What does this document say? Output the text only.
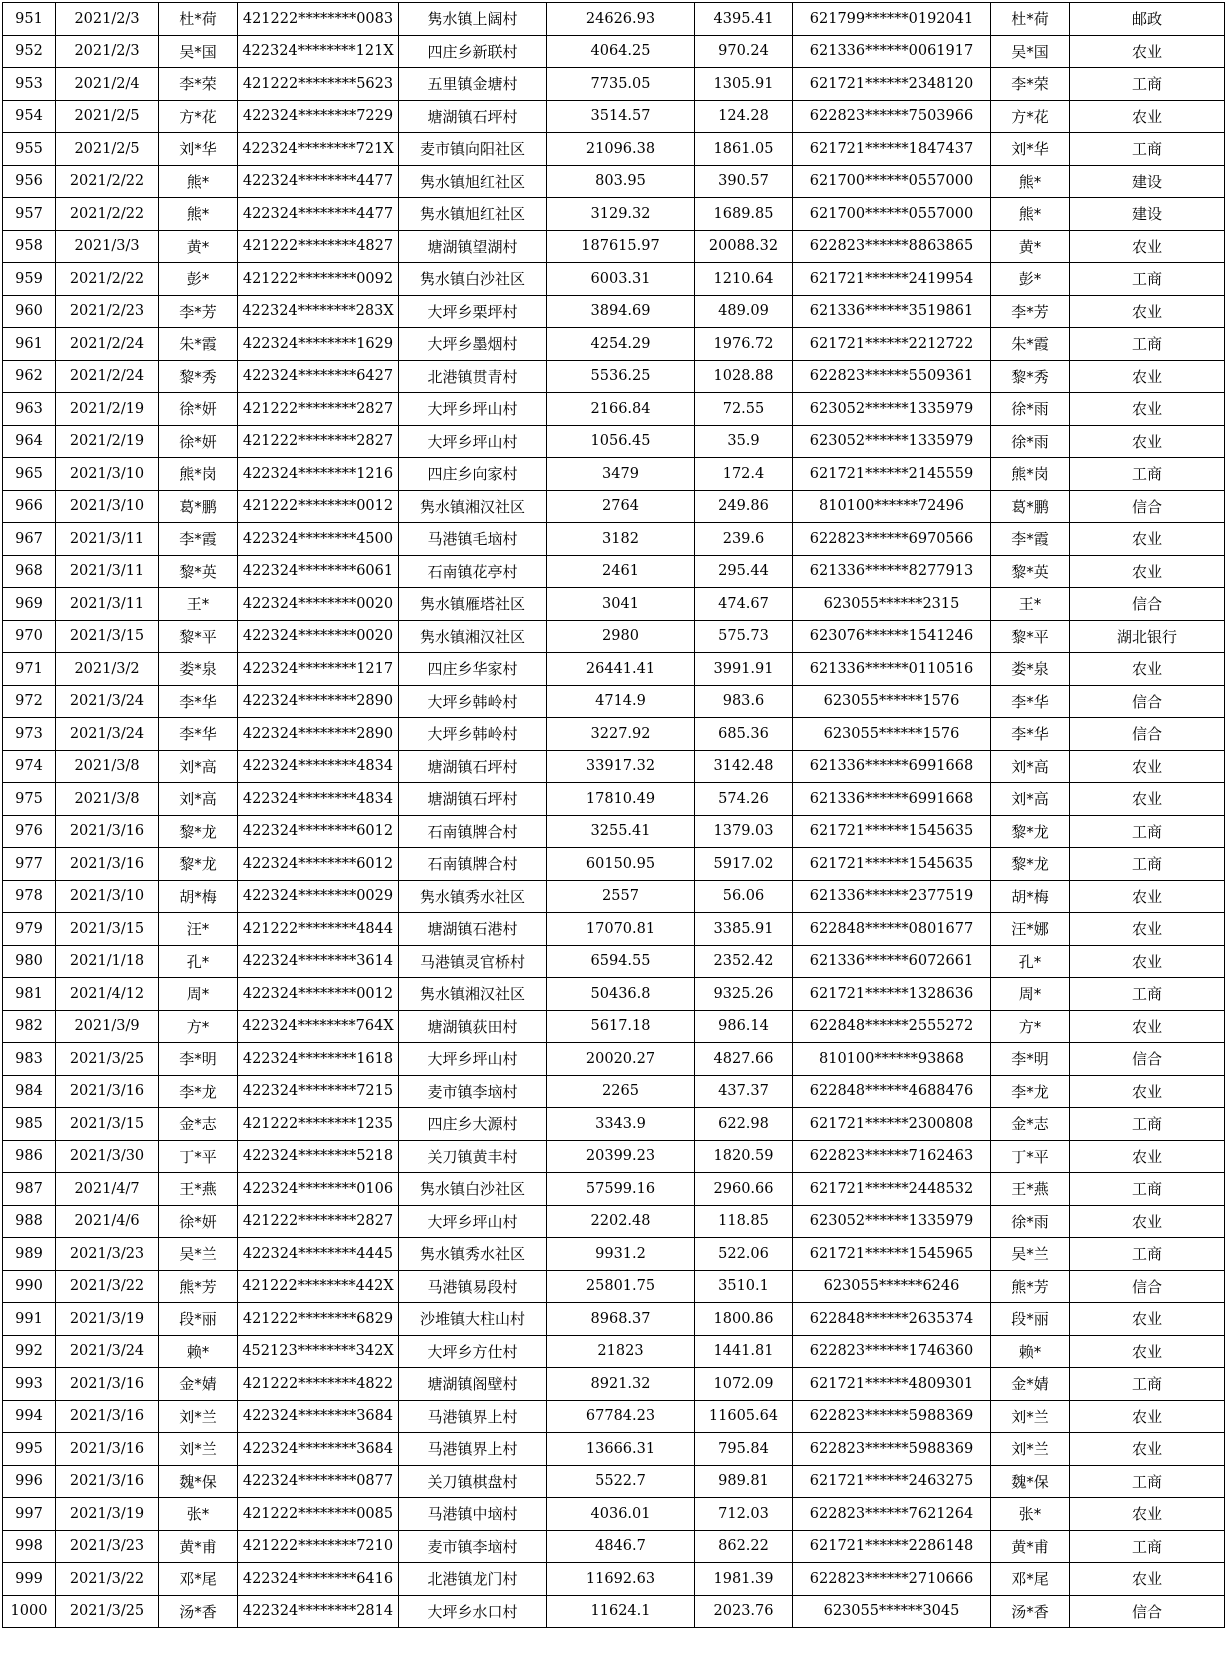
951	2021/2/3	杜*荷	421222********0083	隽水镇上阔村	24626.93	4395.41	621799******0192041	杜*荷	邮政
952	2021/2/3	吴*国	422324********121X	四庄乡新联村	4064.25	970.24	621336******0061917	吴*国	农业
953	2021/2/4	李*荣	421222********5623	五里镇金塘村	7735.05	1305.91	621721******2348120	李*荣	工商
954	2021/2/5	方*花	422324********7229	塘湖镇石坪村	3514.57	124.28	622823******7503966	方*花	农业
955	2021/2/5	刘*华	422324********721X	麦市镇向阳社区	21096.38	1861.05	621721******1847437	刘*华	工商
956	2021/2/22	熊*	422324********4477	隽水镇旭红社区	803.95	390.57	621700******0557000	熊*	建设
957	2021/2/22	熊*	422324********4477	隽水镇旭红社区	3129.32	1689.85	621700******0557000	熊*	建设
958	2021/3/3	黄*	421222********4827	塘湖镇望湖村	187615.97	20088.32	622823******8863865	黄*	农业
959	2021/2/22	彭*	421222********0092	隽水镇白沙社区	6003.31	1210.64	621721******2419954	彭*	工商
960	2021/2/23	李*芳	422324********283X	大坪乡栗坪村	3894.69	489.09	621336******3519861	李*芳	农业
961	2021/2/24	朱*霞	422324********1629	大坪乡墨烟村	4254.29	1976.72	621721******2212722	朱*霞	工商
962	2021/2/24	黎*秀	422324********6427	北港镇贯青村	5536.25	1028.88	622823******5509361	黎*秀	农业
963	2021/2/19	徐*妍	421222********2827	大坪乡坪山村	2166.84	72.55	623052******1335979	徐*雨	农业
964	2021/2/19	徐*妍	421222********2827	大坪乡坪山村	1056.45	35.9	623052******1335979	徐*雨	农业
965	2021/3/10	熊*岗	422324********1216	四庄乡向家村	3479	172.4	621721******2145559	熊*岗	工商
966	2021/3/10	葛*鹏	421222********0012	隽水镇湘汉社区	2764	249.86	810100******72496	葛*鹏	信合
967	2021/3/11	李*霞	422324********4500	马港镇毛垴村	3182	239.6	622823******6970566	李*霞	农业
968	2021/3/11	黎*英	422324********6061	石南镇花亭村	2461	295.44	621336******8277913	黎*英	农业
969	2021/3/11	王*	422324********0020	隽水镇雁塔社区	3041	474.67	623055******2315	王*	信合
970	2021/3/15	黎*平	422324********0020	隽水镇湘汉社区	2980	575.73	623076******1541246	黎*平	湖北银行
971	2021/3/2	娄*泉	422324********1217	四庄乡华家村	26441.41	3991.91	621336******0110516	娄*泉	农业
972	2021/3/24	李*华	422324********2890	大坪乡韩岭村	4714.9	983.6	623055******1576	李*华	信合
973	2021/3/24	李*华	422324********2890	大坪乡韩岭村	3227.92	685.36	623055******1576	李*华	信合
974	2021/3/8	刘*高	422324********4834	塘湖镇石坪村	33917.32	3142.48	621336******6991668	刘*高	农业
975	2021/3/8	刘*高	422324********4834	塘湖镇石坪村	17810.49	574.26	621336******6991668	刘*高	农业
976	2021/3/16	黎*龙	422324********6012	石南镇牌合村	3255.41	1379.03	621721******1545635	黎*龙	工商
977	2021/3/16	黎*龙	422324********6012	石南镇牌合村	60150.95	5917.02	621721******1545635	黎*龙	工商
978	2021/3/10	胡*梅	422324********0029	隽水镇秀水社区	2557	56.06	621336******2377519	胡*梅	农业
979	2021/3/15	汪*	421222********4844	塘湖镇石港村	17070.81	3385.91	622848******0801677	汪*娜	农业
980	2021/1/18	孔*	422324********3614	马港镇灵官桥村	6594.55	2352.42	621336******6072661	孔*	农业
981	2021/4/12	周*	422324********0012	隽水镇湘汉社区	50436.8	9325.26	621721******1328636	周*	工商
982	2021/3/9	方*	422324********764X	塘湖镇荻田村	5617.18	986.14	622848******2555272	方*	农业
983	2021/3/25	李*明	422324********1618	大坪乡坪山村	20020.27	4827.66	810100******93868	李*明	信合
984	2021/3/16	李*龙	422324********7215	麦市镇李垴村	2265	437.37	622848******4688476	李*龙	农业
985	2021/3/15	金*志	421222********1235	四庄乡大源村	3343.9	622.98	621721******2300808	金*志	工商
986	2021/3/30	丁*平	422324********5218	关刀镇黄丰村	20399.23	1820.59	622823******7162463	丁*平	农业
987	2021/4/7	王*燕	422324********0106	隽水镇白沙社区	57599.16	2960.66	621721******2448532	王*燕	工商
988	2021/4/6	徐*妍	421222********2827	大坪乡坪山村	2202.48	118.85	623052******1335979	徐*雨	农业
989	2021/3/23	吴*兰	422324********4445	隽水镇秀水社区	9931.2	522.06	621721******1545965	吴*兰	工商
990	2021/3/22	熊*芳	421222********442X	马港镇易段村	25801.75	3510.1	623055******6246	熊*芳	信合
991	2021/3/19	段*丽	421222********6829	沙堆镇大柱山村	8968.37	1800.86	622848******2635374	段*丽	农业
992	2021/3/24	赖*	452123********342X	大坪乡方仕村	21823	1441.81	622823******1746360	赖*	农业
993	2021/3/16	金*婧	421222********4822	塘湖镇阁壁村	8921.32	1072.09	621721******4809301	金*婧	工商
994	2021/3/16	刘*兰	422324********3684	马港镇界上村	67784.23	11605.64	622823******5988369	刘*兰	农业
995	2021/3/16	刘*兰	422324********3684	马港镇界上村	13666.31	795.84	622823******5988369	刘*兰	农业
996	2021/3/16	魏*保	422324********0877	关刀镇棋盘村	5522.7	989.81	621721******2463275	魏*保	工商
997	2021/3/19	张*	421222********0085	马港镇中垴村	4036.01	712.03	622823******7621264	张*	农业
998	2021/3/23	黄*甫	421222********7210	麦市镇李垴村	4846.7	862.22	621721******2286148	黄*甫	工商
999	2021/3/22	邓*尾	422324********6416	北港镇龙门村	11692.63	1981.39	622823******2710666	邓*尾	农业
1000	2021/3/25	汤*香	422324********2814	大坪乡水口村	11624.1	2023.76	623055******3045	汤*香	信合
